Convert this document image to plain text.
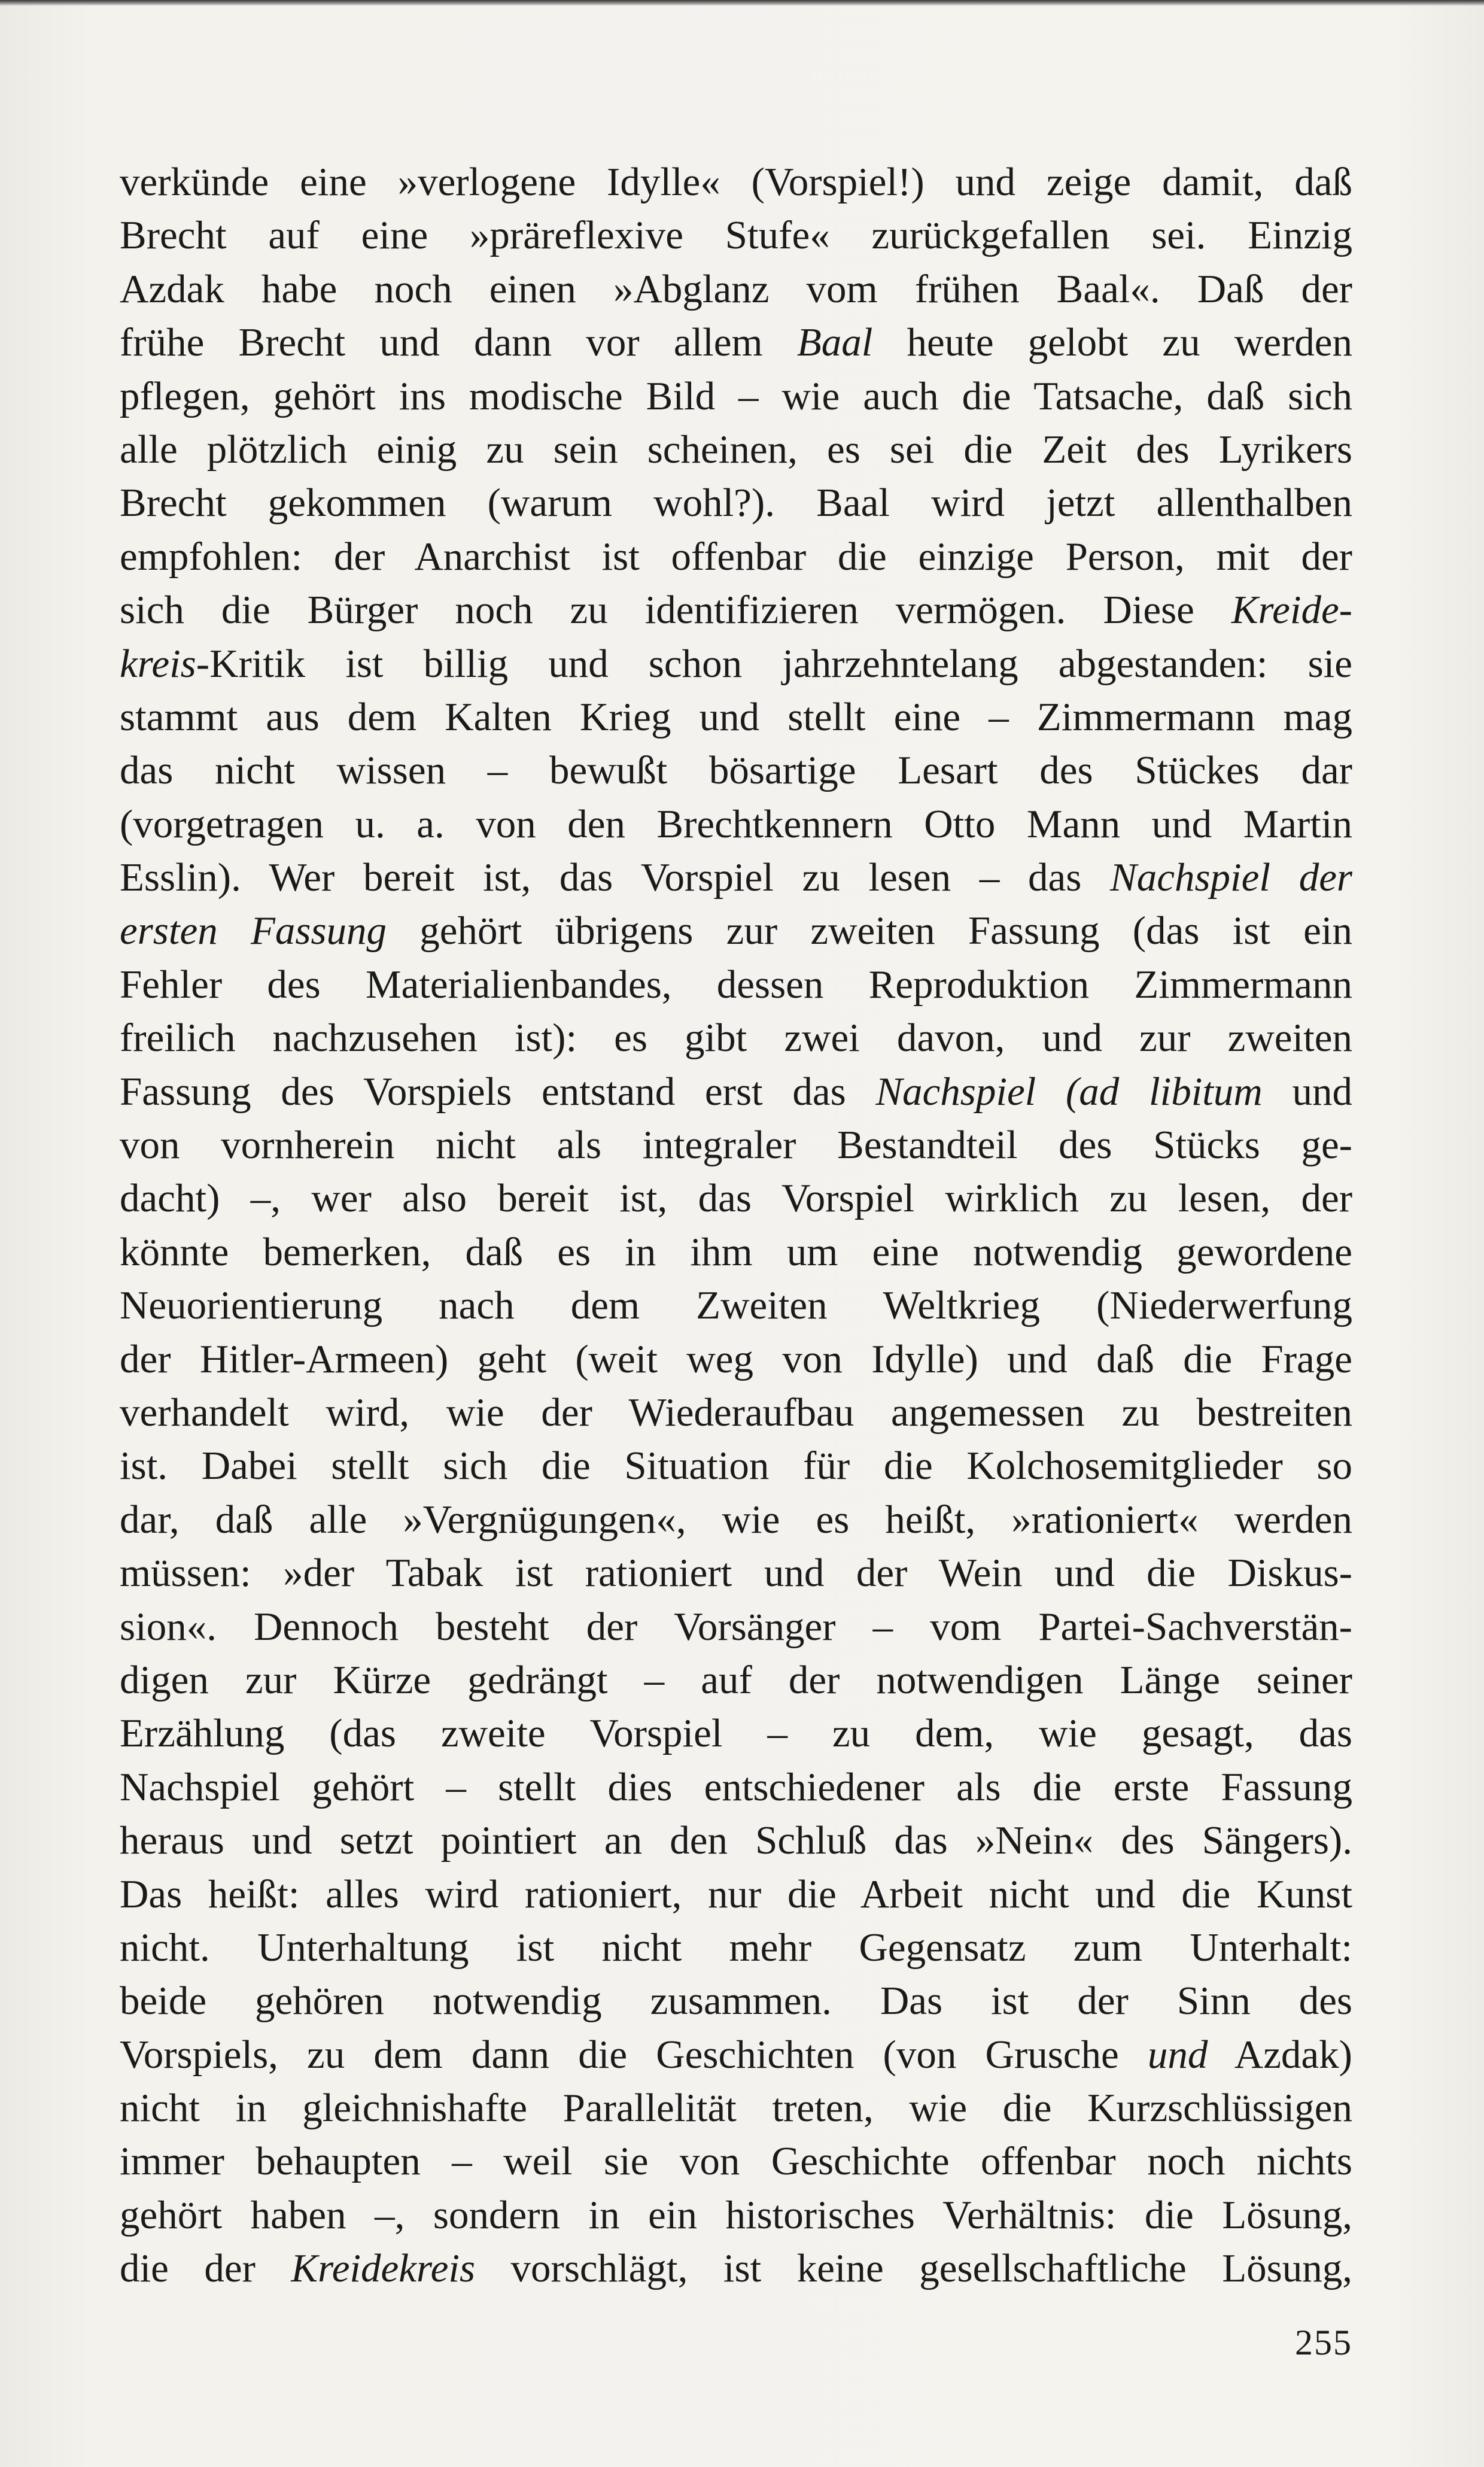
verkünde eine »verlogene Idylle« (Vorspiel!) und zeige damit, daß
Brecht auf eine »präreflexive Stufe« zurückgefallen sei. Einzig
Azdak habe noch einen »Abglanz vom frühen Baal«. Daß der
frühe Brecht und dann vor allem Baal heute gelobt zu werden
pflegen, gehört ins modische Bild – wie auch die Tatsache, daß sich
alle plötzlich einig zu sein scheinen, es sei die Zeit des Lyrikers
Brecht gekommen (warum wohl?). Baal wird jetzt allenthalben
empfohlen: der Anarchist ist offenbar die einzige Person, mit der
sich die Bürger noch zu identifizieren vermögen. Diese Kreide-
kreis-Kritik ist billig und schon jahrzehntelang abgestanden: sie
stammt aus dem Kalten Krieg und stellt eine – Zimmermann mag
das nicht wissen – bewußt bösartige Lesart des Stückes dar
(vorgetragen u. a. von den Brechtkennern Otto Mann und Martin
Esslin). Wer bereit ist, das Vorspiel zu lesen – das Nachspiel der
ersten Fassung gehört übrigens zur zweiten Fassung (das ist ein
Fehler des Materialienbandes, dessen Reproduktion Zimmermann
freilich nachzusehen ist): es gibt zwei davon, und zur zweiten
Fassung des Vorspiels entstand erst das Nachspiel (ad libitum und
von vornherein nicht als integraler Bestandteil des Stücks ge-
dacht) –, wer also bereit ist, das Vorspiel wirklich zu lesen, der
könnte bemerken, daß es in ihm um eine notwendig gewordene
Neuorientierung nach dem Zweiten Weltkrieg (Niederwerfung
der Hitler-Armeen) geht (weit weg von Idylle) und daß die Frage
verhandelt wird, wie der Wiederaufbau angemessen zu bestreiten
ist. Dabei stellt sich die Situation für die Kolchosemitglieder so
dar, daß alle »Vergnügungen«, wie es heißt, »rationiert« werden
müssen: »der Tabak ist rationiert und der Wein und die Diskus-
sion«. Dennoch besteht der Vorsänger – vom Partei-Sachverstän-
digen zur Kürze gedrängt – auf der notwendigen Länge seiner
Erzählung (das zweite Vorspiel – zu dem, wie gesagt, das
Nachspiel gehört – stellt dies entschiedener als die erste Fassung
heraus und setzt pointiert an den Schluß das »Nein« des Sängers).
Das heißt: alles wird rationiert, nur die Arbeit nicht und die Kunst
nicht. Unterhaltung ist nicht mehr Gegensatz zum Unterhalt:
beide gehören notwendig zusammen. Das ist der Sinn des
Vorspiels, zu dem dann die Geschichten (von Grusche und Azdak)
nicht in gleichnishafte Parallelität treten, wie die Kurzschlüssigen
immer behaupten – weil sie von Geschichte offenbar noch nichts
gehört haben –, sondern in ein historisches Verhältnis: die Lösung,
die der Kreidekreis vorschlägt, ist keine gesellschaftliche Lösung,
255
